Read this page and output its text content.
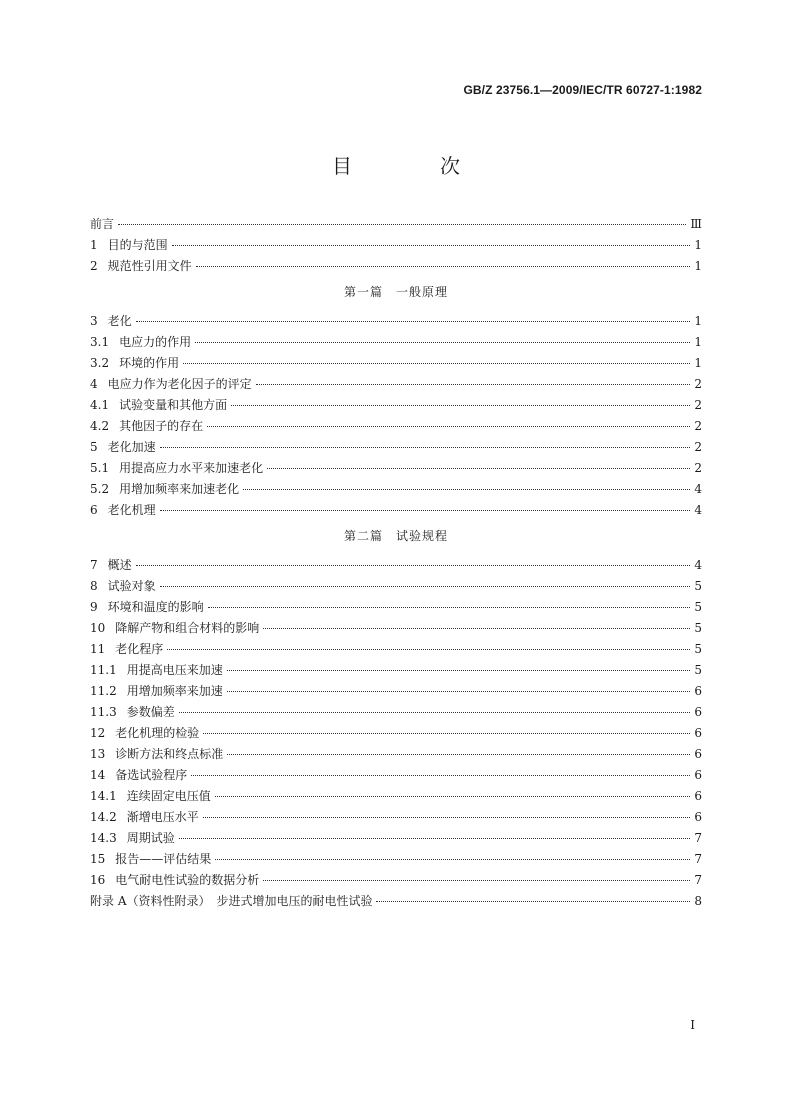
GB/Z 23756.1—2009/IEC/TR 60727-1:1982
目　次
前言	Ⅲ
1 目的与范围	1
2 规范性引用文件	1
第一篇　一般原理
3 老化	1
3.1 电应力的作用	1
3.2 环境的作用	1
4 电应力作为老化因子的评定	2
4.1 试验变量和其他方面	2
4.2 其他因子的存在	2
5 老化加速	2
5.1 用提高应力水平来加速老化	2
5.2 用增加频率来加速老化	4
6 老化机理	4
第二篇　试验规程
7 概述	4
8 试验对象	5
9 环境和温度的影响	5
10 降解产物和组合材料的影响	5
11 老化程序	5
11.1 用提高电压来加速	5
11.2 用增加频率来加速	6
11.3 参数偏差	6
12 老化机理的检验	6
13 诊断方法和终点标准	6
14 备选试验程序	6
14.1 连续固定电压值	6
14.2 渐增电压水平	6
14.3 周期试验	7
15 报告——评估结果	7
16 电气耐电性试验的数据分析	7
附录 A（资料性附录）　步进式增加电压的耐电性试验	8
I
